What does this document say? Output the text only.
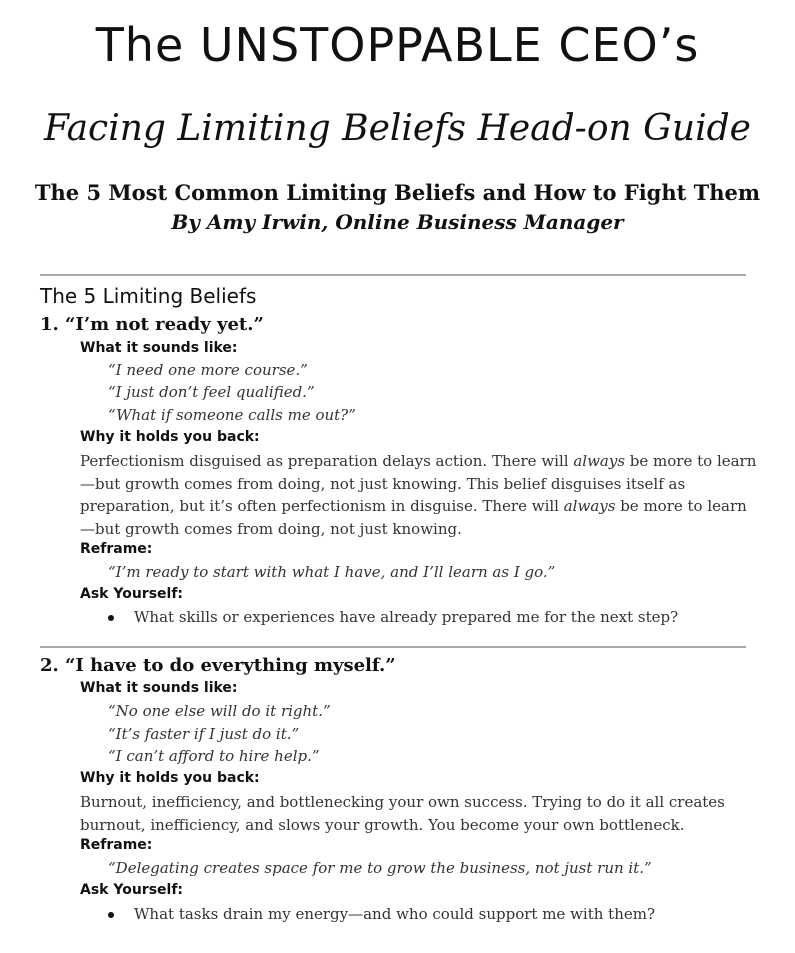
The UNSTOPPABLE CEO’s
Facing Limiting Beliefs Head-on Guide
The 5 Most Common Limiting Beliefs and How to Fight Them
By Amy Irwin, Online Business Manager
The 5 Limiting Beliefs
1. “I’m not ready yet.”
What it sounds like:
“I need one more course.”
“I just don’t feel qualified.”
“What if someone calls me out?”
Why it holds you back:

Perfectionism disguised as preparation delays action. There will always be more to learn—but growth comes from doing, not just knowing. This belief disguises itself as preparation, but it’s often perfectionism in disguise. There will always be more to learn—but growth comes from doing, not just knowing.

Reframe:
“I’m ready to start with what I have, and I’ll learn as I go.”
Ask Yourself:
What skills or experiences have already prepared me for the next step?
2. “I have to do everything myself.”
What it sounds like:
“No one else will do it right.”
“It’s faster if I just do it.”
“I can’t afford to hire help.”
Why it holds you back:

Burnout, inefficiency, and bottlenecking your own success. Trying to do it all creates burnout, inefficiency, and slows your growth. You become your own bottleneck.

Reframe:
“Delegating creates space for me to grow the business, not just run it.”
Ask Yourself:
What tasks drain my energy—and who could support me with them?
